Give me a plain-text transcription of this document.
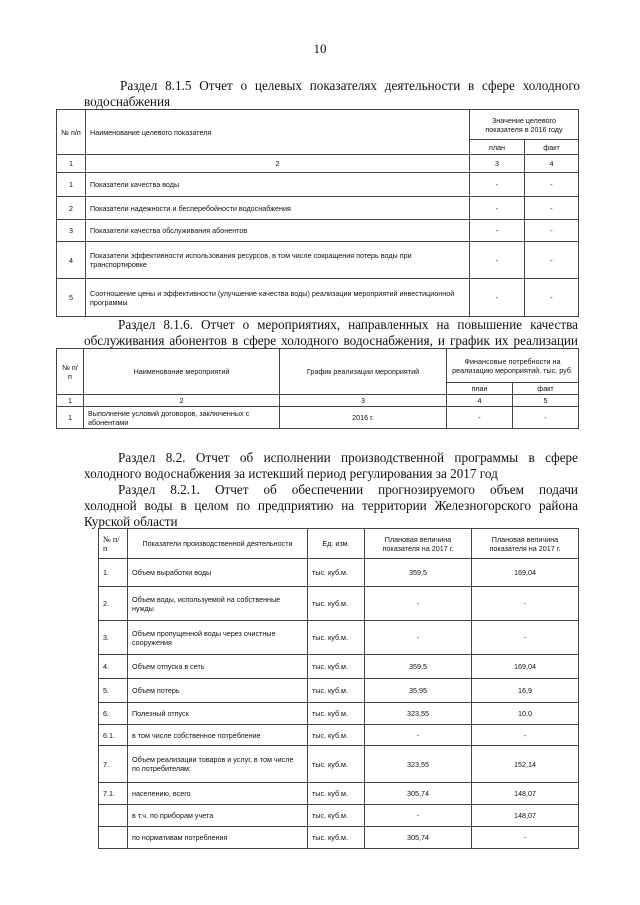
10
Раздел 8.1.5 Отчет о целевых показателях деятельности в сфере холодного
водоснабжения
№ п/п	Наименование целевого показателя	Значение целевого показателя в 2016 году	
		план	факт
1	2	3	4
1	Показатели качества воды	-	-
2	Показатели надежности и бесперебойности водоснабжения	-	-
3	Показатели качества обслуживания абонентов	-	-
4	Показатели эффективности использования ресурсов, в том числе сокращения потерь воды при транспортировке	-	-
5	Соотношение цены и эффективности (улучшение качества воды) реализации мероприятий инвестиционной программы	-	-
Раздел 8.1.6. Отчет о мероприятиях, направленных на повышение качества
обслуживания абонентов в сфере холодного водоснабжения, и график их реализации
№ п/п	Наименование мероприятий	График реализации мероприятий	Финансовые потребности на реализацию мероприятий, тыс. руб.	
			план	факт
1	2	3	4	5
1	Выполнение условий договоров, заключенных с абонентами	2016 г.	-	-
Раздел 8.2. Отчет об исполнении производственной программы в сфере
холодного водоснабжения за истекший период регулирования за 2017 год
Раздел 8.2.1. Отчет об обеспечении прогнозируемого объем подачи
холодной воды в целом по предприятию на территории Железногорского района
Курской области
№ п/п	Показатели производственной деятельности	Ед. изм.	Плановая величина показателя на 2017 г.	Плановая величина показателя на 2017 г.
1.	Объем выработки воды	тыс. куб.м.	359,5	169,04
2.	Объем воды, используемой на собственные нужды	тыс. куб.м.	-	-
3.	Объем пропущенной воды через очистные сооружения	тыс. куб.м.	-	-
4.	Объем отпуска в сеть	тыс. куб.м.	359,5	169,04
5.	Объем потерь	тыс. куб.м.	35,95	16,9
6.	Полезный отпуск	тыс. куб.м.	323,55	10,0
6.1.	в том числе собственное потребление	тыс. куб.м.	-	-
7.	Объем реализации товаров и услуг, в том числе по потребителям:	тыс. куб.м.	323,55	152,14
7.1.	населению, всего	тыс. куб.м.	305,74	148,07
	в т.ч. по приборам учета	тыс. куб.м.	-	148,07
	по нормативам потребления	тыс. куб.м.	305,74	-
